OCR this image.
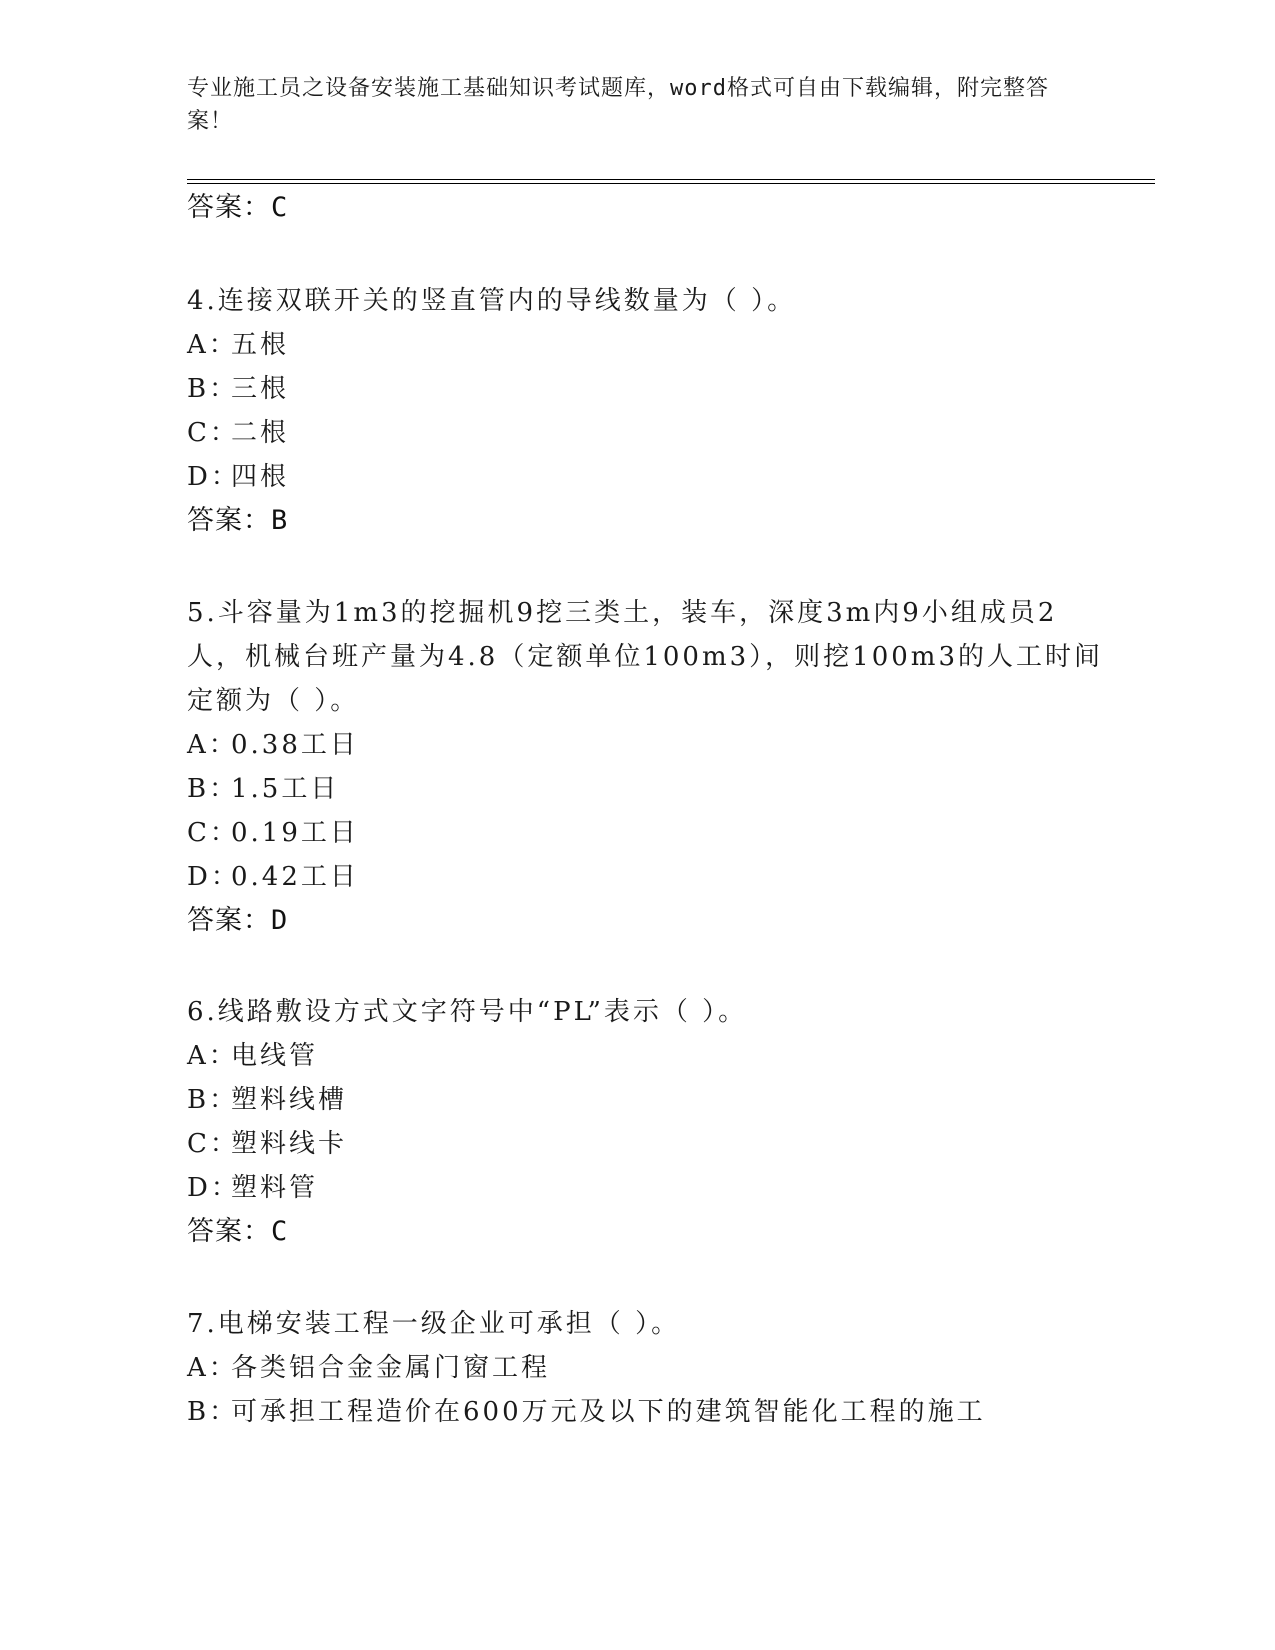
专业施工员之设备安装施工基础知识考试题库，word格式可自由下载编辑，附完整答案！
答案：C
4.连接双联开关的竖直管内的导线数量为（ ）。
A：五根
B：三根
C：二根
D：四根
答案：B
5.斗容量为1m3的挖掘机9挖三类土，装车，深度3m内9小组成员2
人，机械台班产量为4.8（定额单位100m3），则挖100m3的人工时间
定额为（ ）。
A：0.38工日
B：1.5工日
C：0.19工日
D：0.42工日
答案：D
6.线路敷设方式文字符号中“PL”表示（ ）。
A：电线管
B：塑料线槽
C：塑料线卡
D：塑料管
答案：C
7.电梯安装工程一级企业可承担（ ）。
A：各类铝合金金属门窗工程
B：可承担工程造价在600万元及以下的建筑智能化工程的施工
